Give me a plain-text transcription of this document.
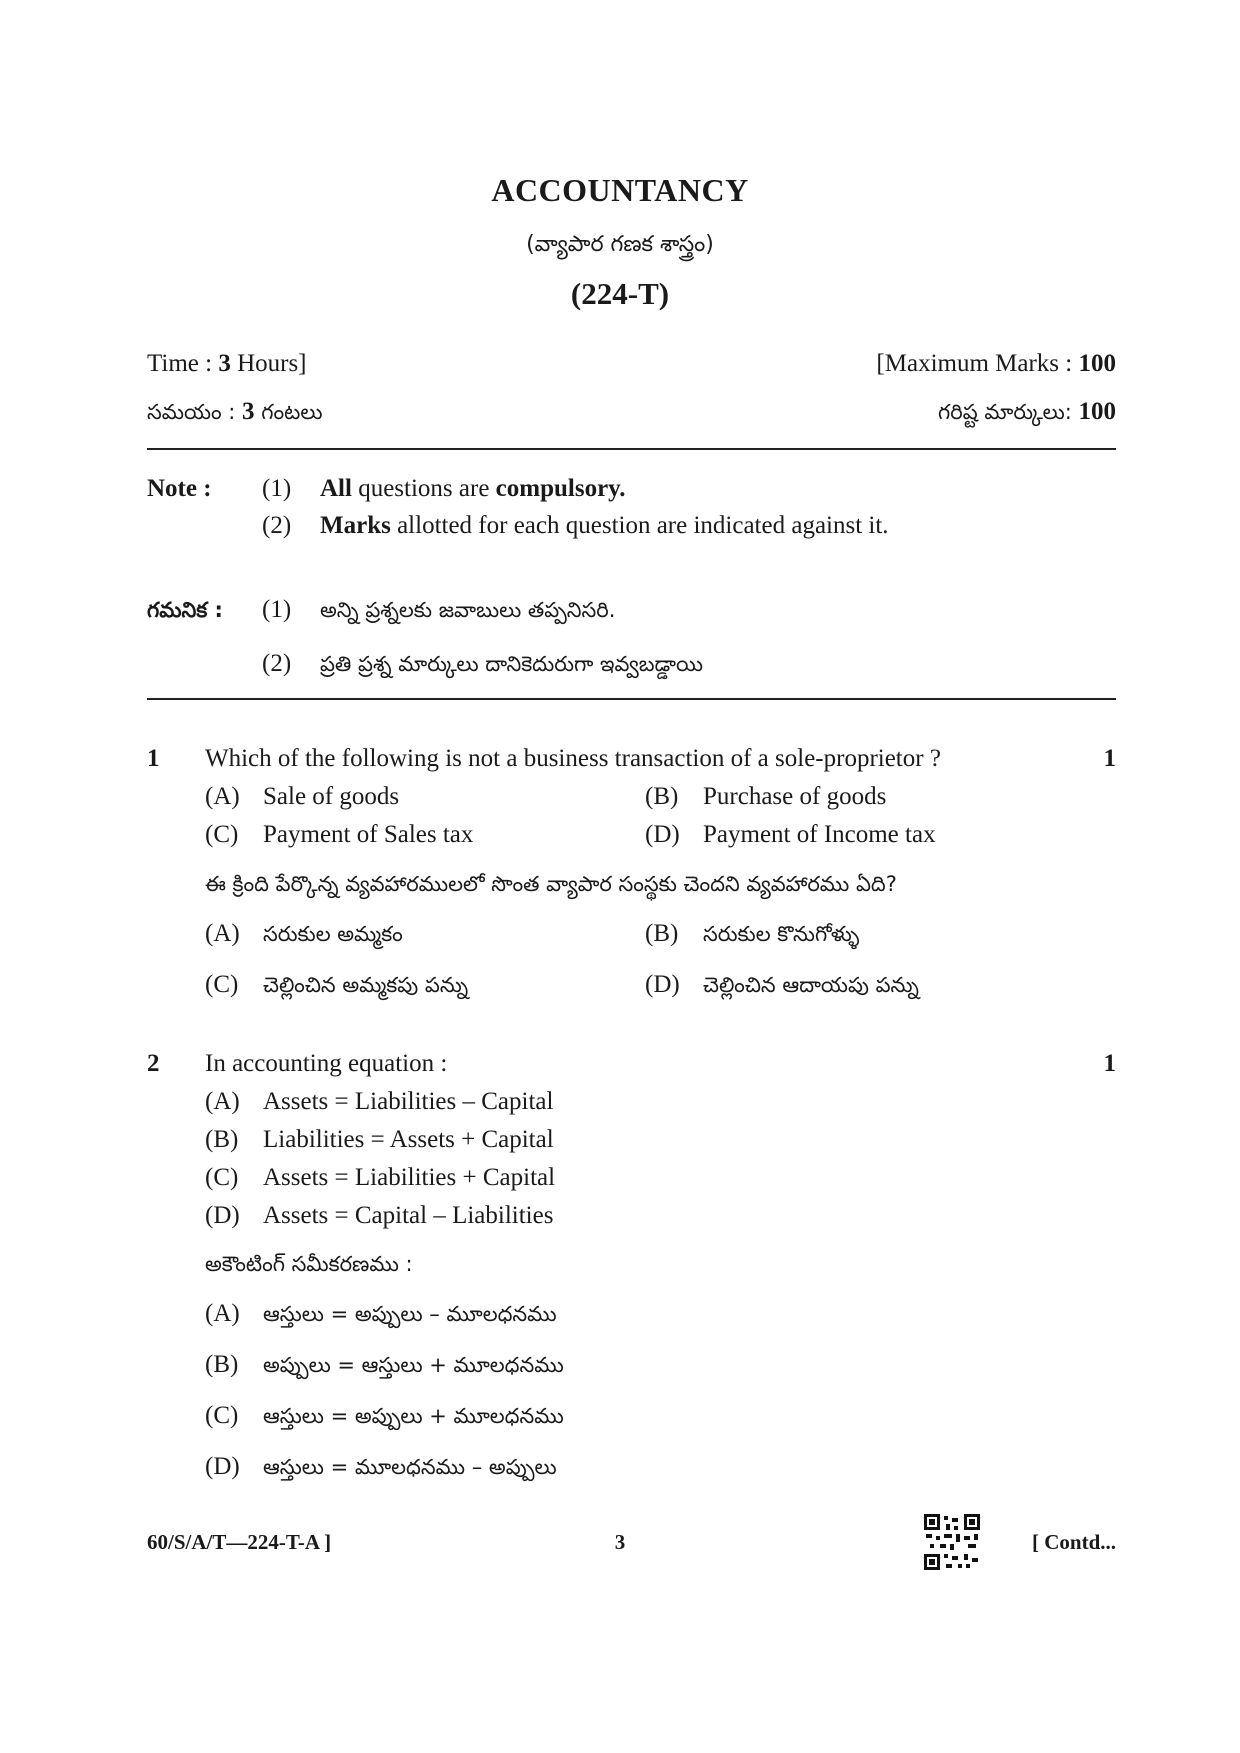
ACCOUNTANCY
(వ్యాపార గణక శాస్త్రం)
(224-T)
Time : 3 Hours]	[Maximum Marks : 100
సమయం : 3 గంటలు	గరిష్ట మార్కులు: 100
Note : (1) All questions are compulsory.
(2) Marks allotted for each question are indicated against it.
గమనిక : (1) అన్ని ప్రశ్నలకు జవాబులు తప్పనిసరి.
(2) ప్రతి ప్రశ్న మార్కులు దానికెదురుగా ఇవ్వబడ్డాయి
1 Which of the following is not a business transaction of a sole-proprietor ?	1
(A) Sale of goods	(B) Purchase of goods
(C) Payment of Sales tax	(D) Payment of Income tax
ఈ క్రింది పేర్కొన్న వ్యవహారములలో సొంత వ్యాపార సంస్థకు చెందని వ్యవహారము ఏది?
(A) సరుకుల అమ్మకం	(B) సరుకుల కొనుగోళ్ళు
(C) చెల్లించిన అమ్మకపు పన్ను	(D) చెల్లించిన ఆదాయపు పన్ను
2 In accounting equation :	1
(A) Assets = Liabilities – Capital
(B) Liabilities = Assets + Capital
(C) Assets = Liabilities + Capital
(D) Assets = Capital – Liabilities
అకౌంటింగ్ సమీకరణము :
(A) ఆస్తులు = అప్పులు – మూలధనము
(B) అప్పులు = ఆస్తులు + మూలధనము
(C) ఆస్తులు = అప్పులు + మూలధనము
(D) ఆస్తులు = మూలధనము – అప్పులు
60/S/A/T—224-T-A ]	3	[ Contd...
